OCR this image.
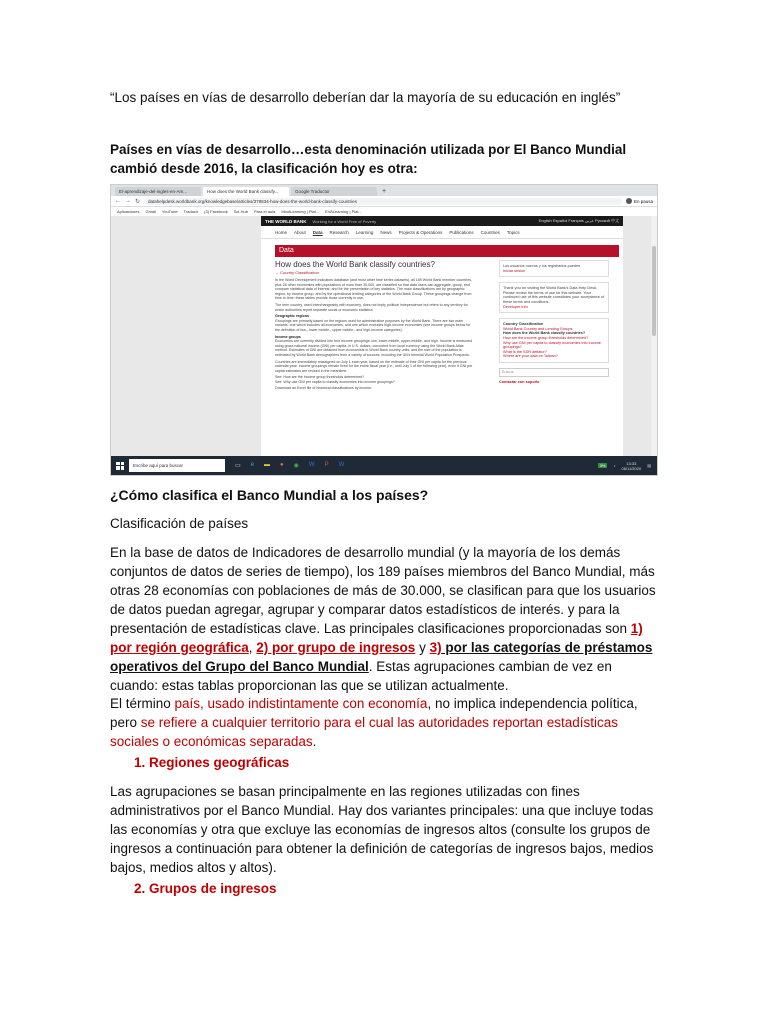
“Los países en vías de desarrollo deberían dar la mayoría de su educación en inglés”

Países en vías de desarrollo…esta denominación utilizada por El Banco Mundial cambió desde 2016, la clasificación hoy es otra:

El-aprendizaje-del-ingles-en-Am...	How does the World Bank classify...	Google Traductor	+
← → ↻	datahelpdesk.worldbank.org/knowledgebase/articles/378834-how-does-the-world-bank-classify-countries	En pausa
Aplicaciones Gmail YouTube Traducir (3) Facebook Sci-Hub Para el aula MindLearning | Plat... EVALearning | Plat...
THE WORLD BANK Working for a World Free of Poverty	English Español Français عربي Русский 中文
Home About Data Research Learning News Projects & Operations Publications Countries Topics
Data
How does the World Bank classify countries?
← Country Classification
In the World Development Indicators database (and most other time series datasets), all 189 World Bank member countries, plus 28 other economies with populations of more than 30,000, are classified so that data users can aggregate, group, and compare statistical data of interest, and for the presentation of key statistics. The main classifications are by geographic region, by income group, and by the operational lending categories of the World Bank Group. These groupings change from time to time; these tables provide those currently in use.
The term country, used interchangeably with economy, does not imply political independence but refers to any territory for which authorities report separate social or economic statistics.
Geographic regions
Groupings are primarily based on the regions used for administrative purposes by the World Bank. There are two main variants: one which includes all economies, and one which excludes high-income economies (see income groups below for the definition of low-, lower middle-, upper middle-, and high-income categories).
Income groups
Economies are currently divided into four income groupings: low, lower-middle, upper-middle, and high. Income is measured using gross national income (GNI) per capita, in U.S. dollars, converted from local currency using the World Bank Atlas method. Estimates of GNI are obtained from economists in World Bank country units; and the size of the population is estimated by World Bank demographers from a variety of sources, including the UN's biennial World Population Prospects.
Countries are immediately reassigned on July 1 each year, based on the estimate of their GNI per capita for the previous calendar year. Income groupings remain fixed for the entire fiscal year (i.e., until July 1 of the following year), even if GNI per capita estimates are revised in the meantime.
See: How are the income group thresholds determined?
See: Why use GNI per capita to classify economies into income groupings?
Download an Excel file of historical classifications by income.
Los usuarios nuevos y los registrados pueden
Iniciar sesión
Thank you for visiting the World Bank's Data Help Desk. Please review the terms of use for this website. Your continued use of this website constitutes your acceptance of these terms and conditions.
Developer Info
Country Classification
World Bank Country and Lending Groups
How does the World Bank classify countries?
How are the income group thresholds determined?
Why use GNI per capita to classify economies into income groupings?
What is the SDR deflator?
Where are your data on Taiwan?
Buscar
Contactar con soporte
Escribe aquí para buscar	▭ e ▬ ● ◉ W P W	3%	♪	13:33
06/11/2020 ▤

¿Cómo clasifica el Banco Mundial a los países?

Clasificación de países

En la base de datos de Indicadores de desarrollo mundial (y la mayoría de los demás conjuntos de datos de series de tiempo), los 189 países miembros del Banco Mundial, más otras 28 economías con poblaciones de más de 30.000, se clasifican para que los usuarios de datos puedan agregar, agrupar y comparar datos estadísticos de interés. y para la presentación de estadísticas clave. Las principales clasificaciones proporcionadas son 1) por región geográfica, 2) por grupo de ingresos y 3) por las categorías de préstamos operativos del Grupo del Banco Mundial. Estas agrupaciones cambian de vez en cuando: estas tablas proporcionan las que se utilizan actualmente.

El término país, usado indistintamente con economía, no implica independencia política, pero se refiere a cualquier territorio para el cual las autoridades reportan estadísticas sociales o económicas separadas.

1. Regiones geográficas

Las agrupaciones se basan principalmente en las regiones utilizadas con fines administrativos por el Banco Mundial. Hay dos variantes principales: una que incluye todas las economías y otra que excluye las economías de ingresos altos (consulte los grupos de ingresos a continuación para obtener la definición de categorías de ingresos bajos, medios bajos, medios altos y altos).

2. Grupos de ingresos
